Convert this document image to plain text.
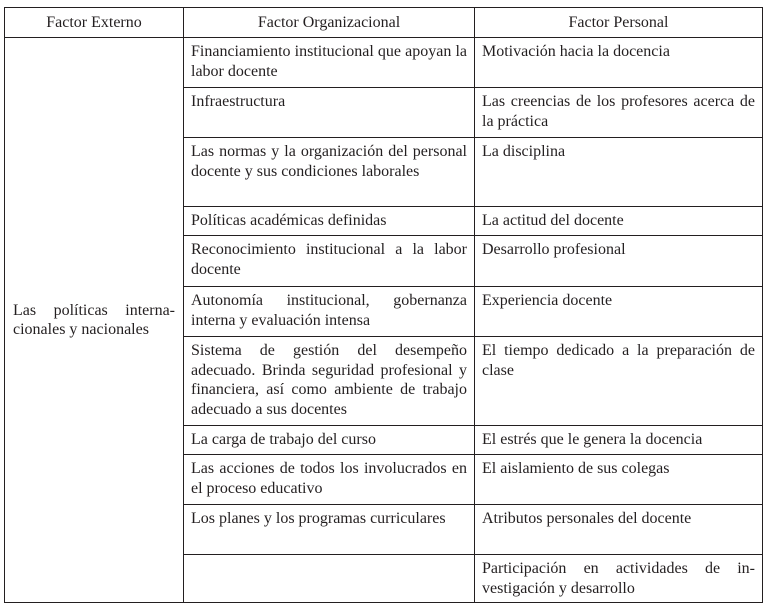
Factor Externo	Factor Organizacional	Factor Personal
Las políticas internacionales y nacionales	Financiamiento institucional que apoyan la labor docente	Motivación hacia la docencia
	Infraestructura	Las creencias de los profesores acerca de la práctica
	Las normas y la organización del personal docente y sus condiciones laborales	La disciplina
	Políticas académicas definidas	La actitud del docente
	Reconocimiento institucional a la labor docente	Desarrollo profesional
	Autonomía institucional, gobernanza interna y evaluación intensa	Experiencia docente
	Sistema de gestión del desempeño adecuado. Brinda seguridad profesional y financiera, así como ambiente de trabajo adecuado a sus docentes	El tiempo dedicado a la preparación de clase
	La carga de trabajo del curso	El estrés que le genera la docencia
	Las acciones de todos los involucrados en el proceso educativo	El aislamiento de sus colegas
	Los planes y los programas curriculares	Atributos personales del docente
		Participación en actividades de investigación y desarrollo
